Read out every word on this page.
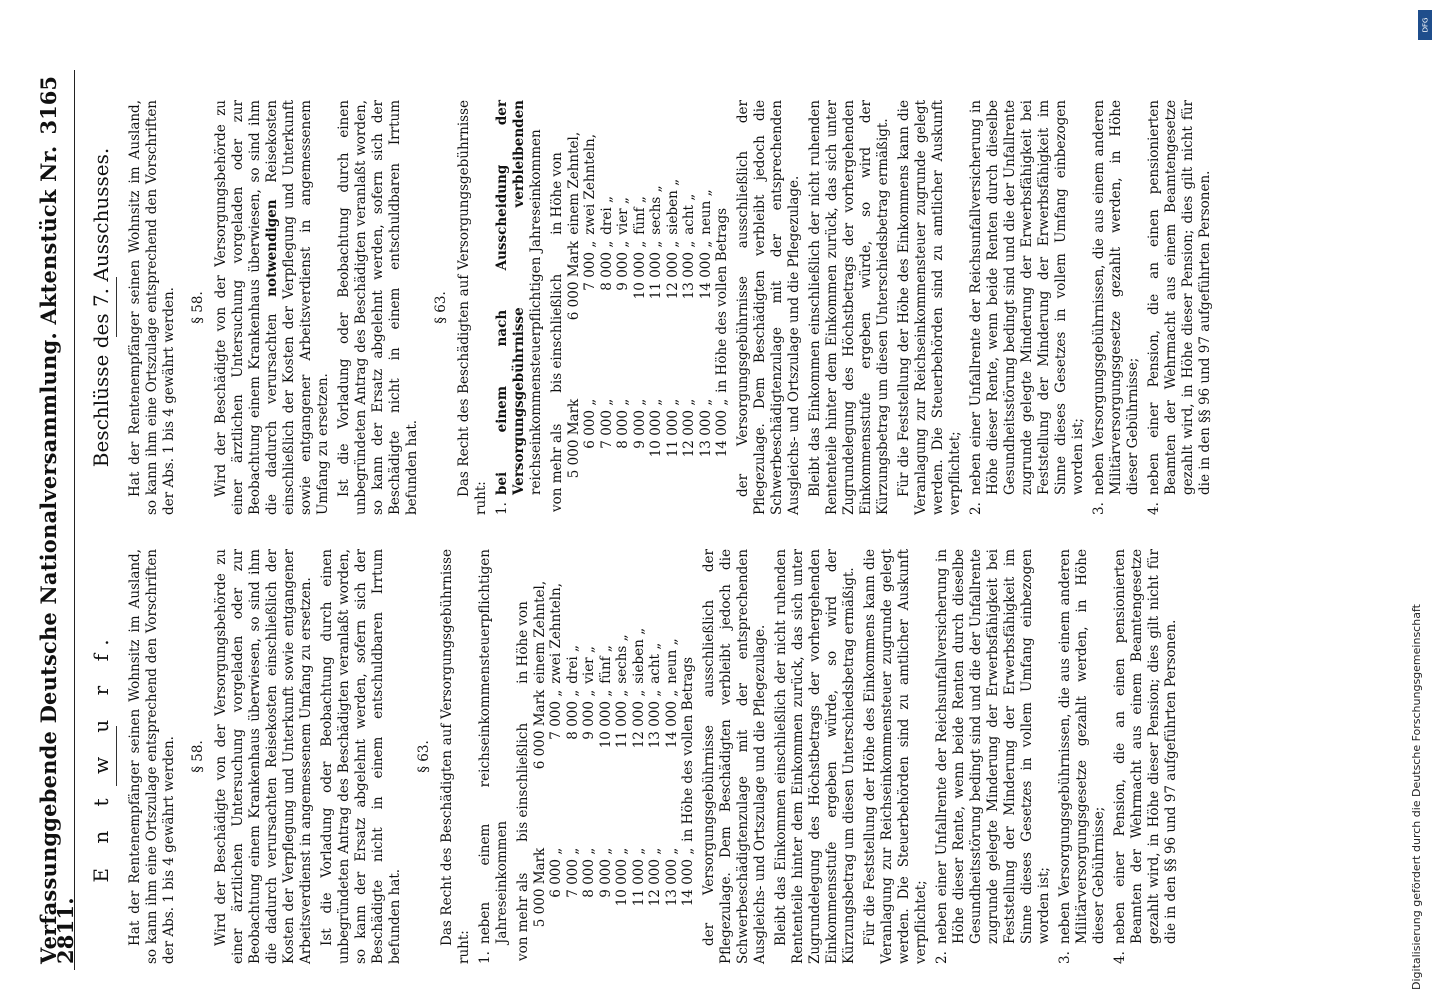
Verfassunggebende Deutsche Nationalversammlung. Aktenstück Nr. 2811.
3165
E n t w u r f. Hat der Rentenempfänger seinen Wohnsitz im Ausland, so kann ihm eine Ortszulage entsprechend den Vorschriften der Abs. 1 bis 4 gewährt werden. § 58. Wird der Beschädigte von der Versorgungsbehörde zu einer ärztlichen Untersuchung vorgeladen oder zur Beobachtung einem Krankenhaus überwiesen, so sind ihm die dadurch verursachten Reisekosten einschließlich der Kosten der Verpflegung und Unterkunft sowie entgangener Arbeitsverdienst in angemessenem Umfang zu ersetzen. Ist die Vorladung oder Beobachtung durch einen unbegründeten Antrag des Beschädigten veranlaßt worden, so kann der Ersatz abgelehnt werden, sofern sich der Beschädigte nicht in einem entschuldbaren Irrtum befunden hat.

§ 63. Das Recht des Beschädigten auf Versorgungsgebührnisse ruht: 1.
neben einem reichseinkommensteuerpflichtigen Jahreseinkommen von mehr als	bis einschließlich	in Höhe von
5 000 Mark	6 000 Mark	einem Zehntel,
6 000 „	7 000 „	zwei Zehnteln,
7 000 „	8 000 „	drei „
8 000 „	9 000 „	vier „
9 000 „	10 000 „	fünf „
10 000 „	11 000 „	sechs „
11 000 „	12 000 „	sieben „
12 000 „	13 000 „	acht „
13 000 „	14 000 „	neun „
14 000 „	in Höhe des vollen Betrags	der Versorgungsgebührnisse ausschließlich der Pflegezulage. Dem Beschädigten verbleibt jedoch die Schwerbeschädigtenzulage mit der entsprechenden Ausgleichs- und Ortszulage und die Pflegezulage. Bleibt das Einkommen einschließlich der nicht ruhenden Rententeile hinter dem Einkommen zurück, das sich unter Zugrundelegung des Höchstbetrags der vorhergehenden Einkommensstufe ergeben würde, so wird der Kürzungsbetrag um diesen Unterschiedsbetrag ermäßigt. Für die Feststellung der Höhe des Einkommens kann die Veranlagung zur Reichseinkommensteuer zugrunde gelegt werden. Die Steuerbehörden sind zu amtlicher Auskunft verpflichtet; 2.
neben einer Unfallrente der Reichsunfallversicherung in Höhe dieser Rente, wenn beide Renten durch dieselbe Gesundheitsstörung bedingt sind und die der Unfallrente zugrunde gelegte Minderung der Erwerbsfähigkeit bei Feststellung der Minderung der Erwerbsfähigkeit im Sinne dieses Gesetzes in vollem Umfang einbezogen worden ist;
3.
neben Versorgungsgebührnissen, die aus einem anderen Militärversorgungsgesetze gezahlt werden, in Höhe dieser Gebührnisse;
4.
neben einer Pension, die an einen pensionierten Beamten der Wehrmacht aus einem Beamtengesetze gezahlt wird, in Höhe dieser Pension; dies gilt nicht für die in den §§ 96 und 97 aufgeführten Personen.
Beschlüsse des 7. Ausschusses. Hat der Rentenempfänger seinen Wohnsitz im Ausland, so kann ihm eine Ortszulage entsprechend den Vorschriften der Abs. 1 bis 4 gewährt werden. § 58. Wird der Beschädigte von der Versorgungsbehörde zu einer ärztlichen Untersuchung vorgeladen oder zur Beobachtung einem Krankenhaus überwiesen, so sind ihm die dadurch verursachten notwendigen Reisekosten einschließlich der Kosten der Verpflegung und Unterkunft sowie entgangener Arbeitsverdienst in angemessenem Umfang zu ersetzen. Ist die Vorladung oder Beobachtung durch einen unbegründeten Antrag des Beschädigten veranlaßt worden, so kann der Ersatz abgelehnt werden, sofern sich der Beschädigte nicht in einem entschuldbaren Irrtum befunden hat.

§ 63. Das Recht des Beschädigten auf Versorgungsgebührnisse ruht: 1.
bei einem nach Ausscheidung der Versorgungsgebührnisse verbleibenden reichseinkommensteuerpflichtigen Jahreseinkommen von mehr als	bis einschließlich	in Höhe von
5 000 Mark	6 000 Mark	einem Zehntel,
6 000 „	7 000 „	zwei Zehnteln,
7 000 „	8 000 „	drei „
8 000 „	9 000 „	vier „
9 000 „	10 000 „	fünf „
10 000 „	11 000 „	sechs „
11 000 „	12 000 „	sieben „
12 000 „	13 000 „	acht „
13 000 „	14 000 „	neun „
14 000 „	in Höhe des vollen Betrags	der Versorgungsgebührnisse ausschließlich der Pflegezulage. Dem Beschädigten verbleibt jedoch die Schwerbeschädigtenzulage mit der entsprechenden Ausgleichs- und Ortszulage und die Pflegezulage. Bleibt das Einkommen einschließlich der nicht ruhenden Rententeile hinter dem Einkommen zurück, das sich unter Zugrundelegung des Höchstbetrags der vorhergehenden Einkommensstufe ergeben würde, so wird der Kürzungsbetrag um diesen Unterschiedsbetrag ermäßigt. Für die Feststellung der Höhe des Einkommens kann die Veranlagung zur Reichseinkommensteuer zugrunde gelegt werden. Die Steuerbehörden sind zu amtlicher Auskunft verpflichtet; 2.
neben einer Unfallrente der Reichsunfallversicherung in Höhe dieser Rente, wenn beide Renten durch dieselbe Gesundheitsstörung bedingt sind und die der Unfallrente zugrunde gelegte Minderung der Erwerbsfähigkeit bei Feststellung der Minderung der Erwerbsfähigkeit im Sinne dieses Gesetzes in vollem Umfang einbezogen worden ist;
3.
neben Versorgungsgebührnissen, die aus einem anderen Militärversorgungsgesetze gezahlt werden, in Höhe dieser Gebührnisse;
4.
neben einer Pension, die an einen pensionierten Beamten der Wehrmacht aus einem Beamtengesetze gezahlt wird, in Höhe dieser Pension; dies gilt nicht für die in den §§ 96 und 97 aufgeführten Personen.
DFG
Digitalisierung gefördert durch die Deutsche Forschungsgemeinschaft
